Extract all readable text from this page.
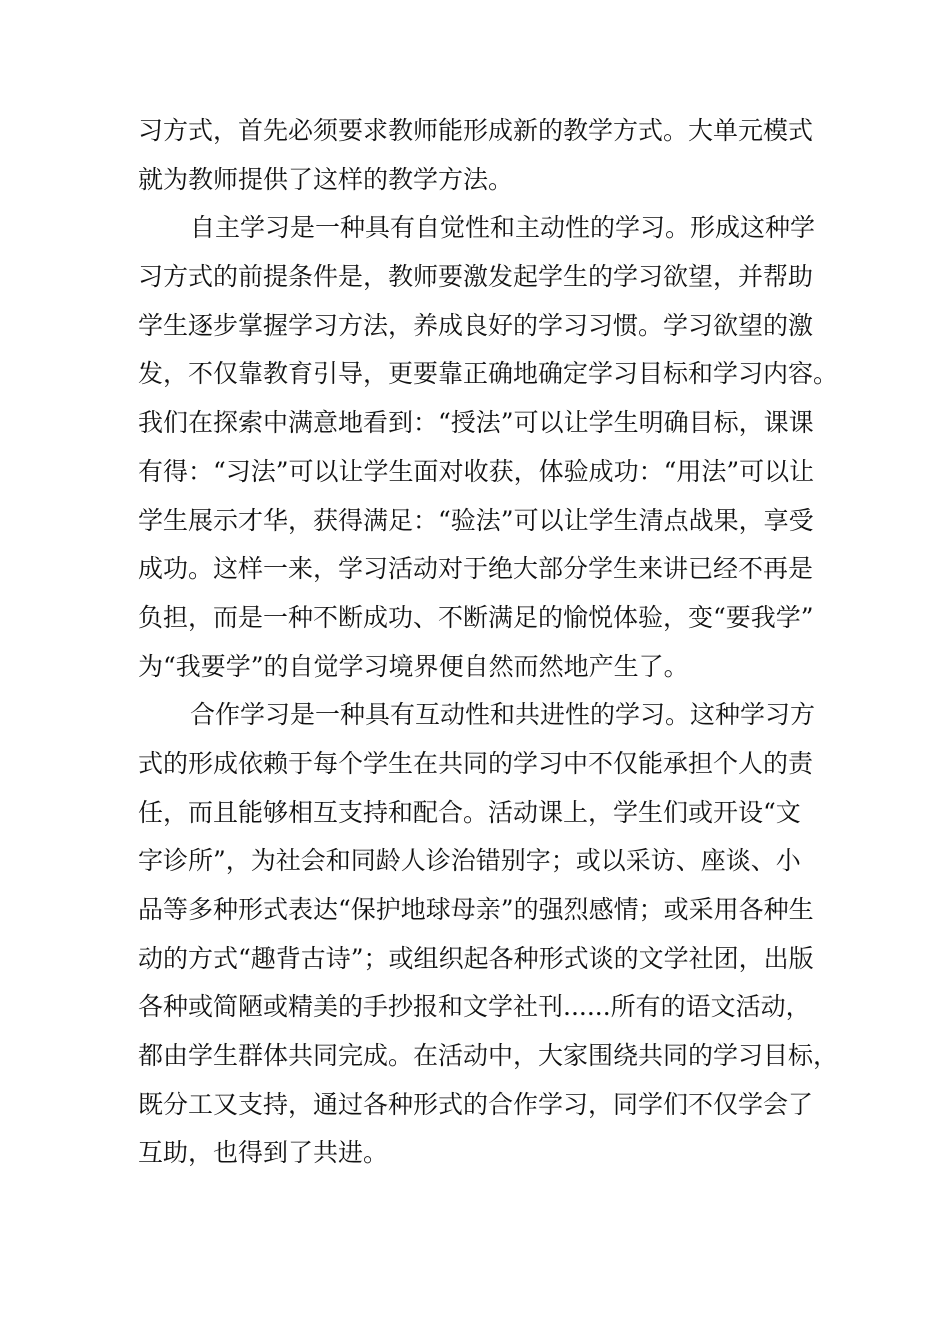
习方式，首先必须要求教师能形成新的教学方式。大单元模式

就为教师提供了这样的教学方法。

自主学习是一种具有自觉性和主动性的学习。形成这种学

习方式的前提条件是，教师要激发起学生的学习欲望，并帮助

学生逐步掌握学习方法，养成良好的学习习惯。学习欲望的激

发，不仅靠教育引导，更要靠正确地确定学习目标和学习内容。

我们在探索中满意地看到：“授法”可以让学生明确目标，课课

有得：“习法”可以让学生面对收获，体验成功：“用法”可以让

学生展示才华，获得满足：“验法”可以让学生清点战果，享受

成功。这样一来，学习活动对于绝大部分学生来讲已经不再是

负担，而是一种不断成功、不断满足的愉悦体验，变“要我学”

为“我要学”的自觉学习境界便自然而然地产生了。

合作学习是一种具有互动性和共进性的学习。这种学习方

式的形成依赖于每个学生在共同的学习中不仅能承担个人的责

任，而且能够相互支持和配合。活动课上，学生们或开设“文

字诊所”，为社会和同龄人诊治错别字；或以采访、座谈、小

品等多种形式表达“保护地球母亲”的强烈感情；或采用各种生

动的方式“趣背古诗”；或组织起各种形式谈的文学社团，出版

各种或简陋或精美的手抄报和文学社刊......所有的语文活动，

都由学生群体共同完成。在活动中，大家围绕共同的学习目标，

既分工又支持，通过各种形式的合作学习，同学们不仅学会了

互助，也得到了共进。
